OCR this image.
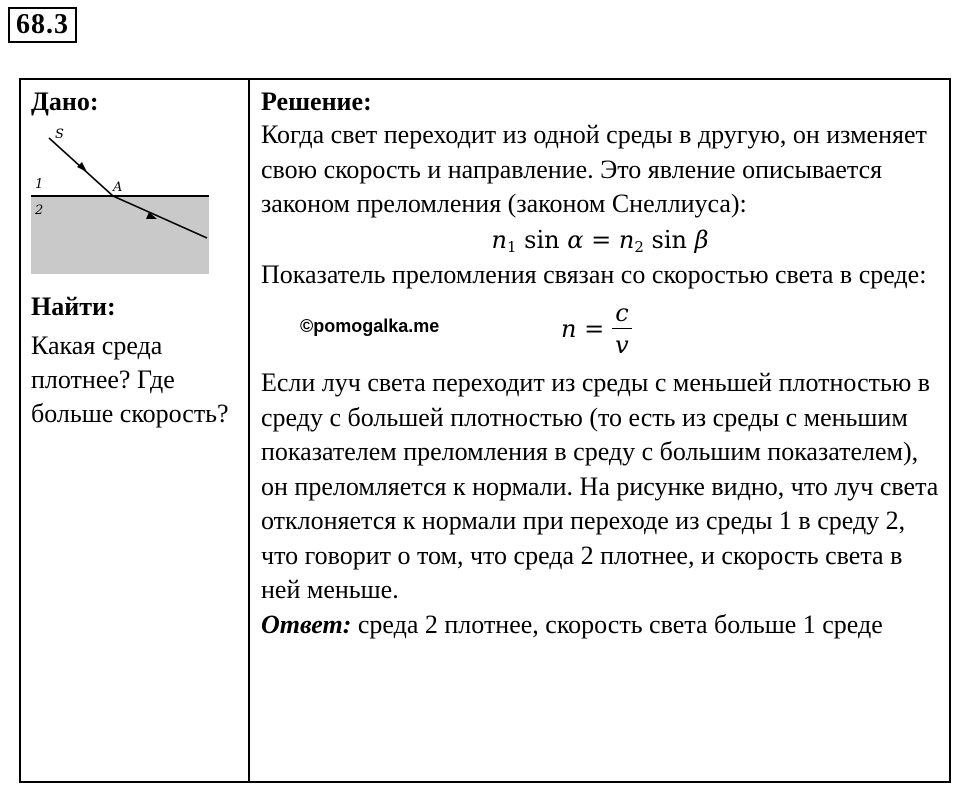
68.3

Дано:

S
1
2
A

Найти:

Какая среда плотнее? Где больше скорость?

Решение:

Когда свет переходит из одной среды в другую, он изменяет свою скорость и направление. Это явление описывается законом преломления (законом Снеллиуса):

$n_1$ $\sin \alpha = n_2$ sin β

Показатель преломления связан со скоростью света в среде:

©pomogalka.me	$n = \frac{c}{v}$

Если луч света переходит из среды с меньшей плотностью в среду с большей плотностью (то есть из среды с меньшим показателем преломления в среду с большим показателем), он преломляется к нормали. На рисунке видно, что луч света отклоняется к нормали при переходе из среды 1 в среду 2, что говорит о том, что среда 2 плотнее, и скорость света в ней меньше.

Ответ: среда 2 плотнее, скорость света больше 1 среде
